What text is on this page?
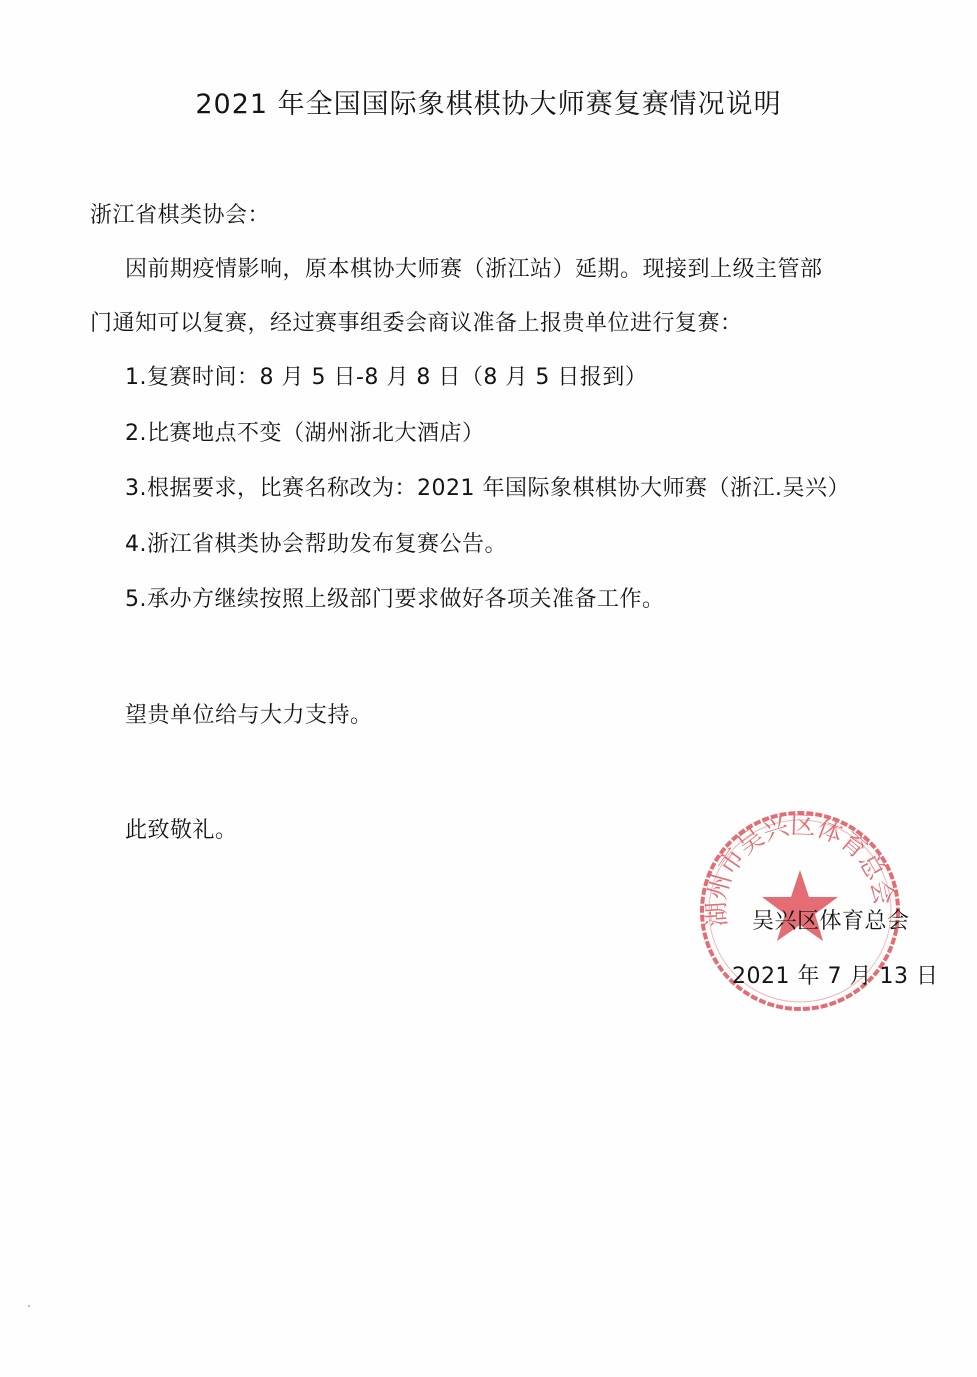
2021 年全国国际象棋棋协大师赛复赛情况说明
浙江省棋类协会：
因前期疫情影响，原本棋协大师赛（浙江站）延期。现接到上级主管部
门通知可以复赛，经过赛事组委会商议准备上报贵单位进行复赛：
1.复赛时间：8 月 5 日-8 月 8 日（8 月 5 日报到）
2.比赛地点不变（湖州浙北大酒店）
3.根据要求，比赛名称改为：2021 年国际象棋棋协大师赛（浙江.吴兴）
4.浙江省棋类协会帮助发布复赛公告。
5.承办方继续按照上级部门要求做好各项关准备工作。
望贵单位给与大力支持。
此致敬礼。
湖州市吴兴区体育总会
吴兴区体育总会
2021 年 7 月 13 日
